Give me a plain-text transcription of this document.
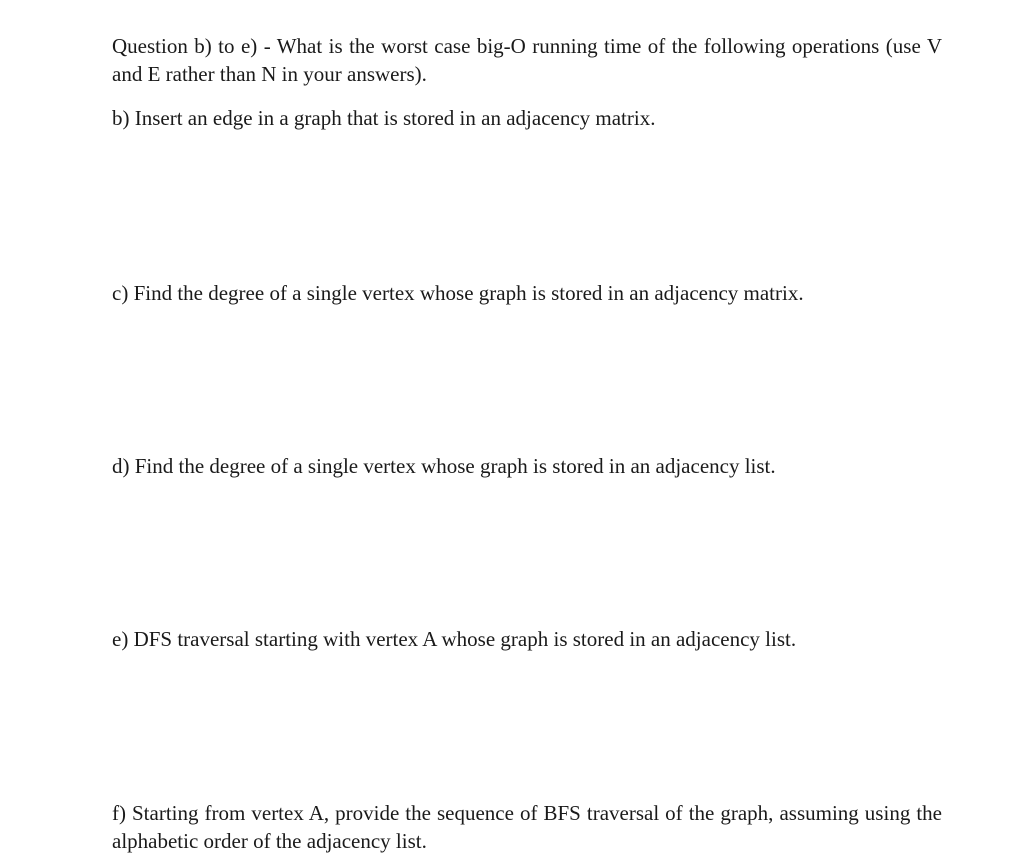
Question b) to e) - What is the worst case big-O running time of the following operations (use V and E rather than N in your answers).

b) Insert an edge in a graph that is stored in an adjacency matrix.

c) Find the degree of a single vertex whose graph is stored in an adjacency matrix.

d) Find the degree of a single vertex whose graph is stored in an adjacency list.

e) DFS traversal starting with vertex A whose graph is stored in an adjacency list.

f) Starting from vertex A, provide the sequence of BFS traversal of the graph, assuming using the alphabetic order of the adjacency list.
